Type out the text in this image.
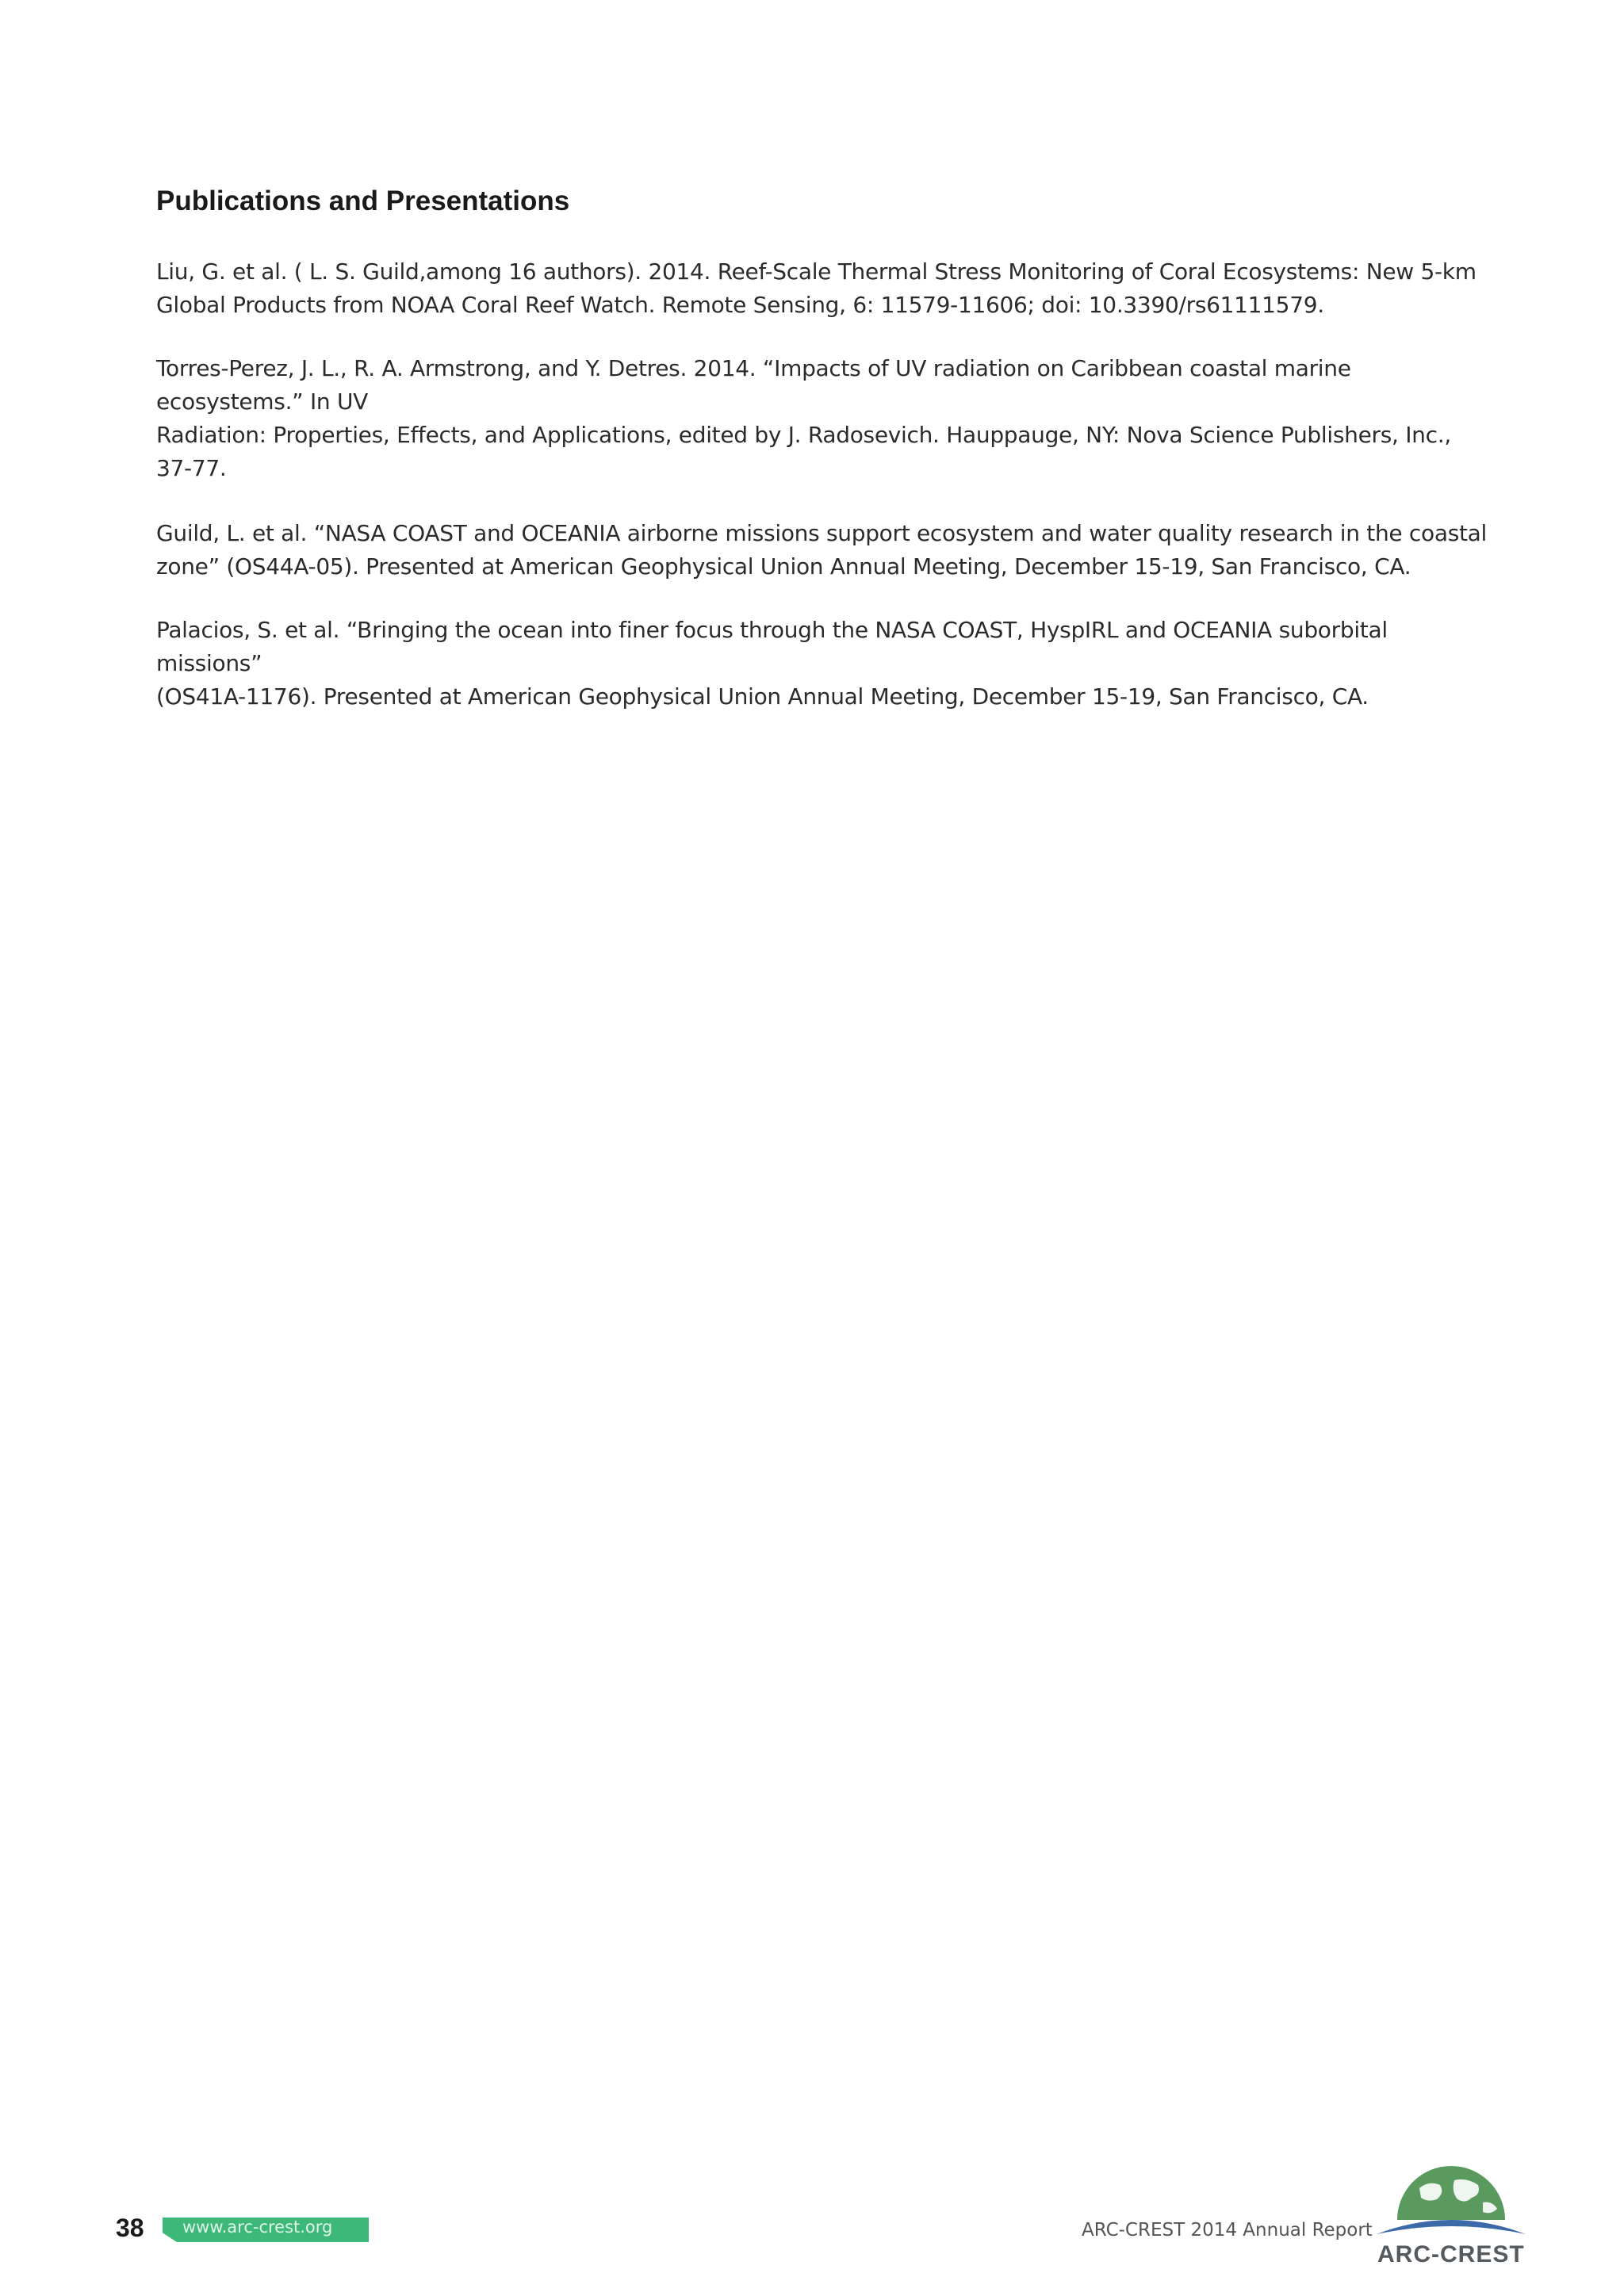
Publications and Presentations

Liu, G. et al. ( L. S. Guild,among 16 authors). 2014. Reef-Scale Thermal Stress Monitoring of Coral Ecosystems: New 5-km
Global Products from NOAA Coral Reef Watch. Remote Sensing, 6: 11579-11606; doi: 10.3390/rs61111579.

Torres-Perez, J. L., R. A. Armstrong, and Y. Detres. 2014. “Impacts of UV radiation on Caribbean coastal marine ecosystems.” In UV
Radiation: Properties, Effects, and Applications, edited by J. Radosevich. Hauppauge, NY: Nova Science Publishers, Inc., 37-77.

Guild, L. et al. “NASA COAST and OCEANIA airborne missions support ecosystem and water quality research in the coastal
zone” (OS44A-05). Presented at American Geophysical Union Annual Meeting, December 15-19, San Francisco, CA.

Palacios, S. et al. “Bringing the ocean into finer focus through the NASA COAST, HyspIRL and OCEANIA suborbital missions”
(OS41A-1176). Presented at American Geophysical Union Annual Meeting, December 15-19, San Francisco, CA.

38 www.arc-crest.org	ARC-CREST 2014 Annual Report
ARC-CREST
